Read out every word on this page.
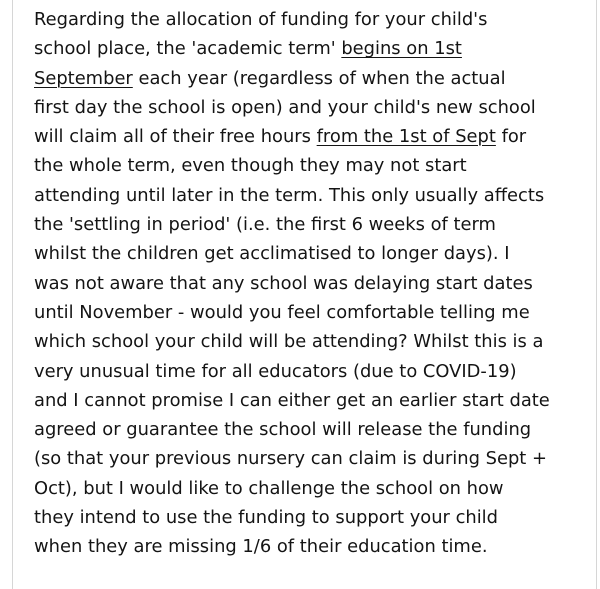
Regarding the allocation of funding for your child's
school place, the 'academic term' begins on 1st
September each year (regardless of when the actual
first day the school is open) and your child's new school
will claim all of their free hours from the 1st of Sept for
the whole term, even though they may not start
attending until later in the term. This only usually affects
the 'settling in period' (i.e. the first 6 weeks of term
whilst the children get acclimatised to longer days). I
was not aware that any school was delaying start dates
until November - would you feel comfortable telling me
which school your child will be attending? Whilst this is a
very unusual time for all educators (due to COVID-19)
and I cannot promise I can either get an earlier start date
agreed or guarantee the school will release the funding
(so that your previous nursery can claim is during Sept +
Oct), but I would like to challenge the school on how
they intend to use the funding to support your child
when they are missing 1/6 of their education time.
